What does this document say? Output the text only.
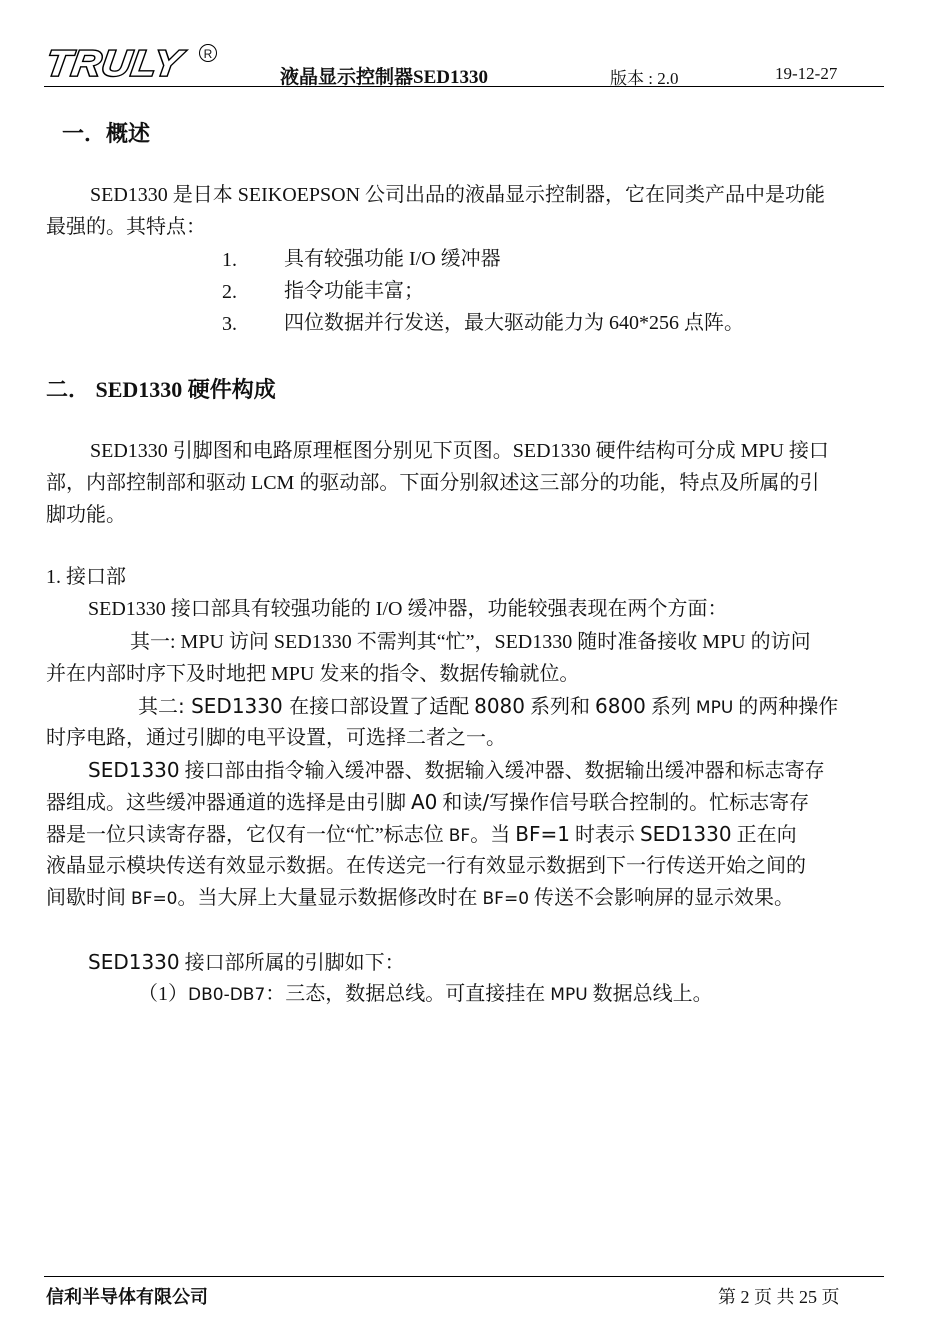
TRULY	R
液晶显示控制器SED1330	版本 : 2.0	19-12-27
一．概述
SED1330 是日本 SEIKOEPSON 公司出品的液晶显示控制器，它在同类产品中是功能
最强的。其特点：
1. 具有较强功能 I/O 缓冲器
2. 指令功能丰富；
3. 四位数据并行发送，最大驱动能力为 640*256 点阵。
二． SED1330 硬件构成
SED1330 引脚图和电路原理框图分别见下页图。SED1330 硬件结构可分成 MPU 接口
部，内部控制部和驱动 LCM 的驱动部。下面分别叙述这三部分的功能，特点及所属的引
脚功能。
1. 接口部
SED1330 接口部具有较强功能的 I/O 缓冲器，功能较强表现在两个方面：
其一: MPU 访问 SED1330 不需判其“忙”，SED1330 随时准备接收 MPU 的访问
并在内部时序下及时地把 MPU 发来的指令、数据传输就位。
其二: SED1330 在接口部设置了适配 8080 系列和 6800 系列 MPU 的两种操作
时序电路，通过引脚的电平设置，可选择二者之一。
SED1330 接口部由指令输入缓冲器、数据输入缓冲器、数据输出缓冲器和标志寄存
器组成。这些缓冲器通道的选择是由引脚 A0 和读/写操作信号联合控制的。忙标志寄存
器是一位只读寄存器，它仅有一位“忙”标志位 BF。当 BF=1 时表示 SED1330 正在向
液晶显示模块传送有效显示数据。在传送完一行有效显示数据到下一行传送开始之间的
间歇时间 BF=0。当大屏上大量显示数据修改时在 BF=0 传送不会影响屏的显示效果。
SED1330 接口部所属的引脚如下：
（1）DB0-DB7：三态，数据总线。可直接挂在 MPU 数据总线上。
信利半导体有限公司	第 2 页 共 25 页
